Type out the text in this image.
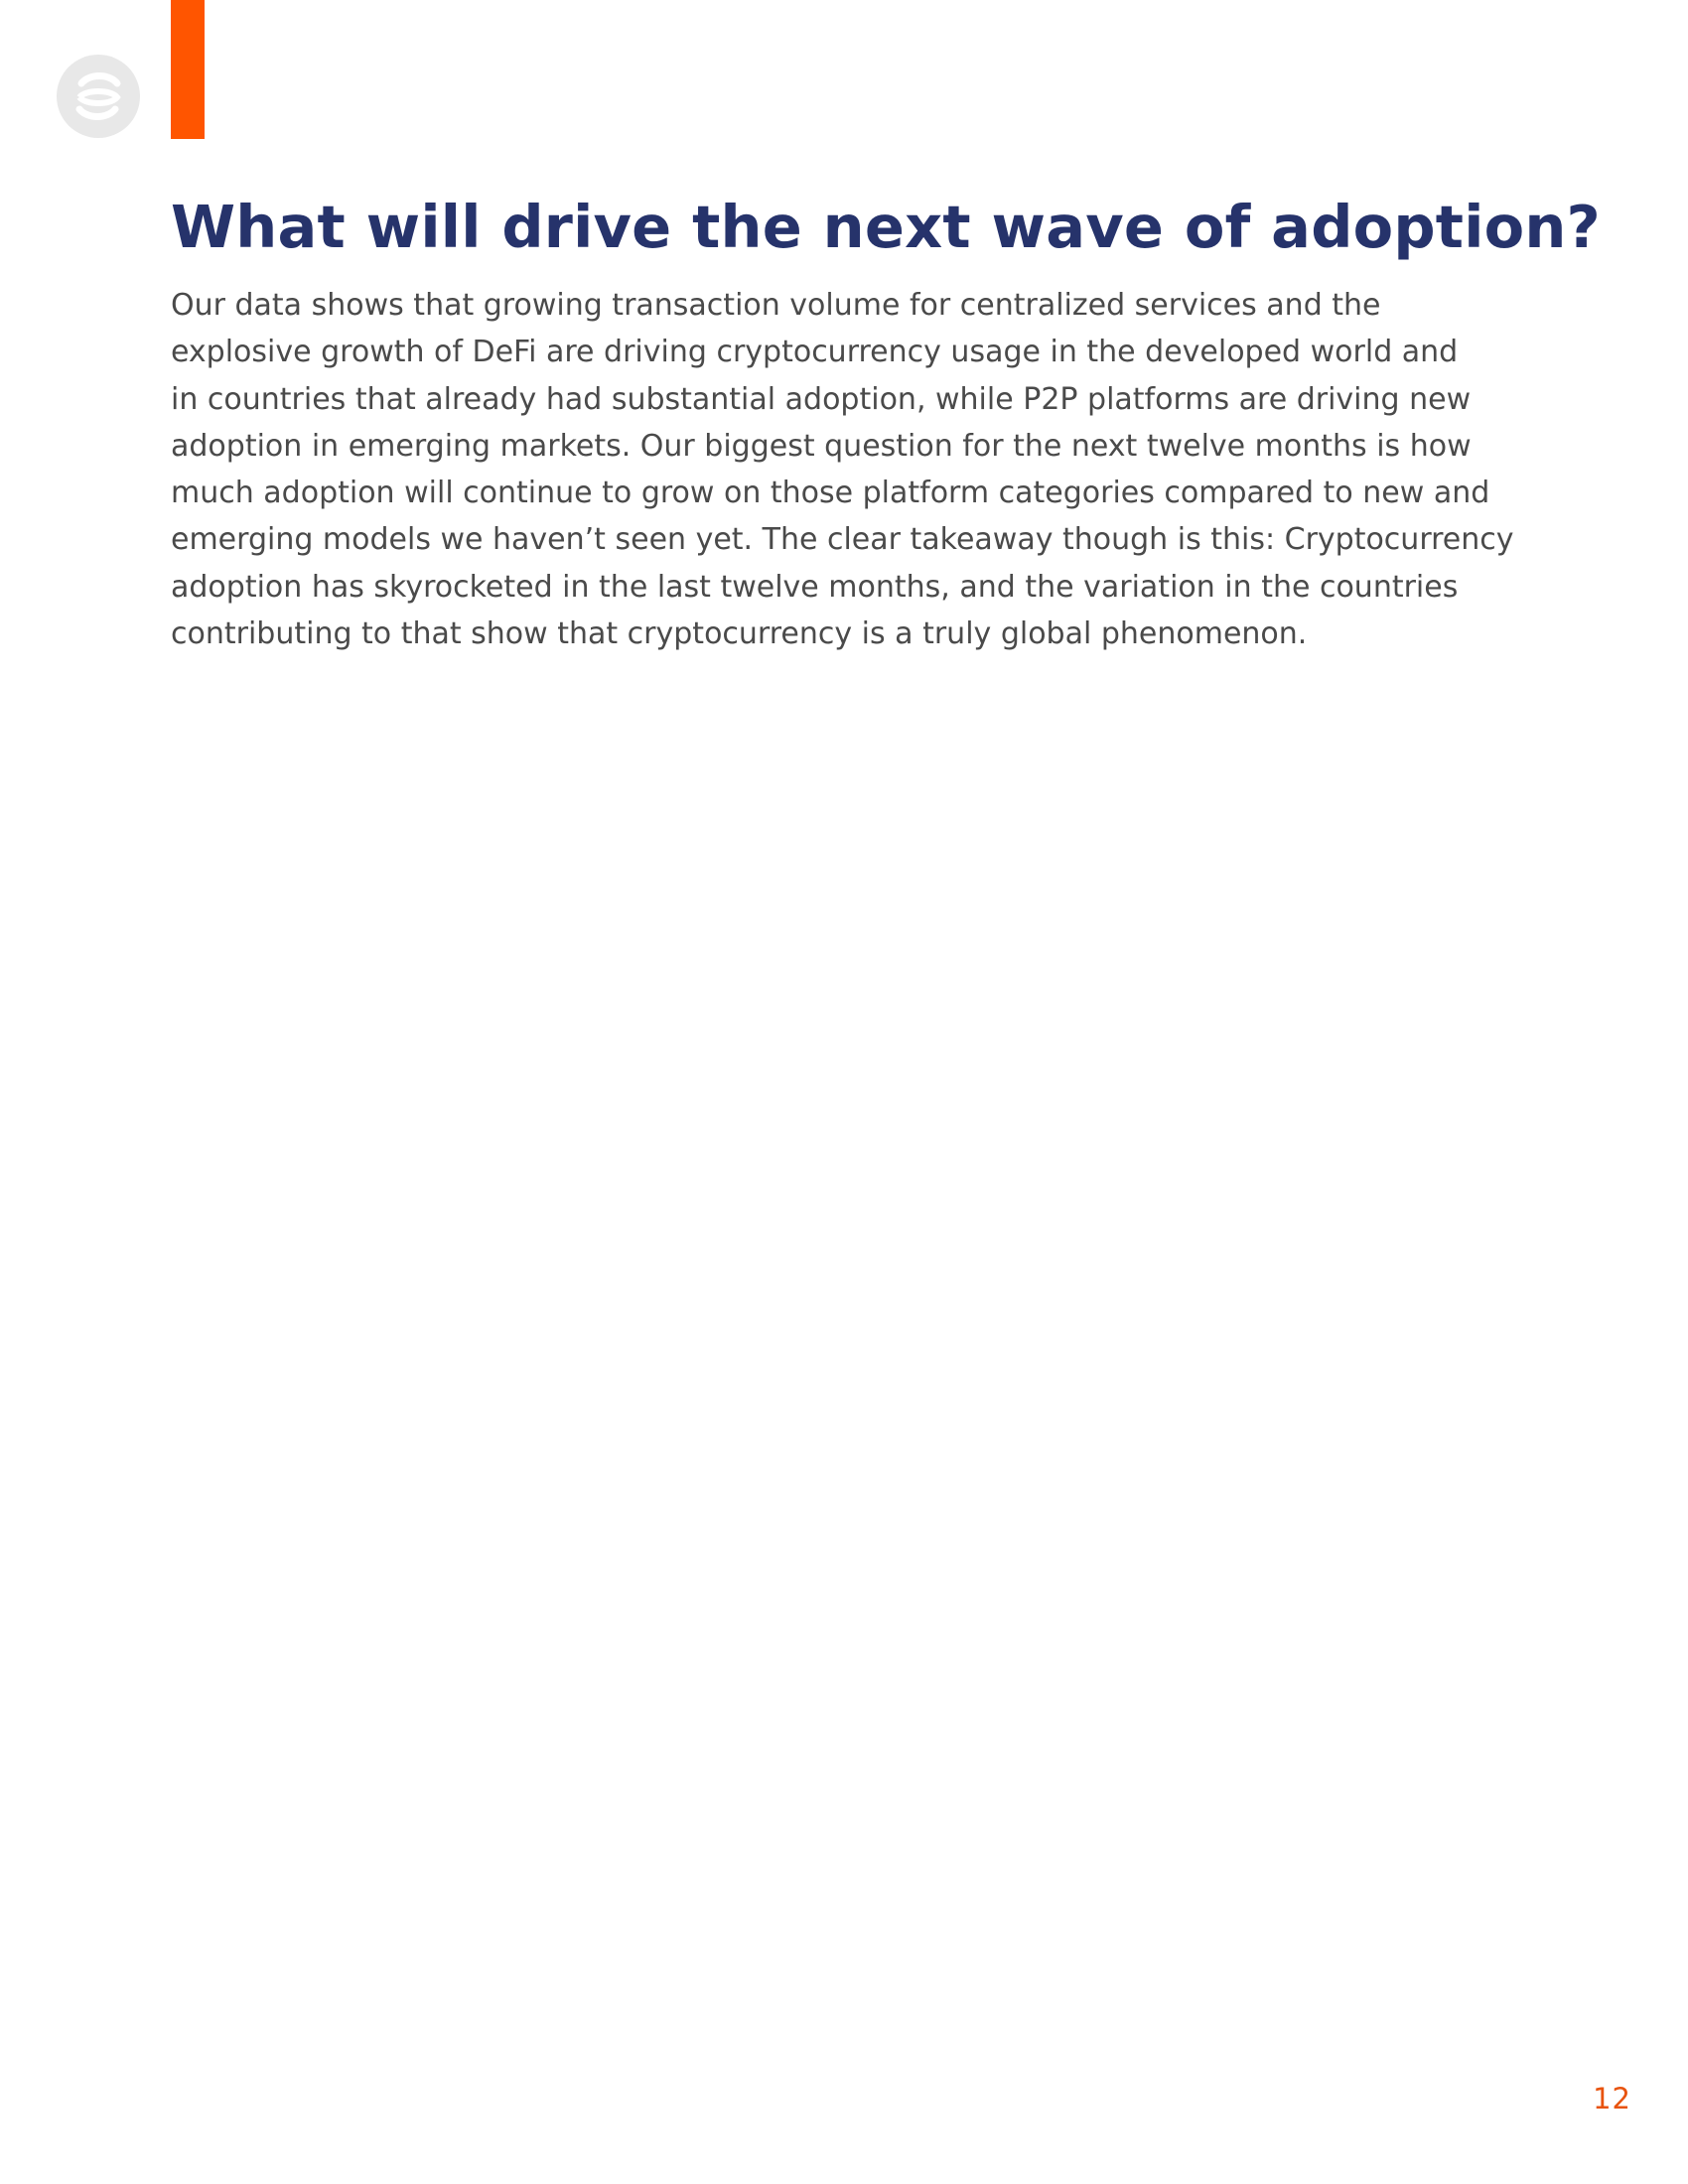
What will drive the next wave of adoption?
Our data shows that growing transaction volume for centralized services and the
explosive growth of DeFi are driving cryptocurrency usage in the developed world and
in countries that already had substantial adoption, while P2P platforms are driving new
adoption in emerging markets. Our biggest question for the next twelve months is how
much adoption will continue to grow on those platform categories compared to new and
emerging models we haven’t seen yet. The clear takeaway though is this: Cryptocurrency
adoption has skyrocketed in the last twelve months, and the variation in the countries
contributing to that show that cryptocurrency is a truly global phenomenon.
12
